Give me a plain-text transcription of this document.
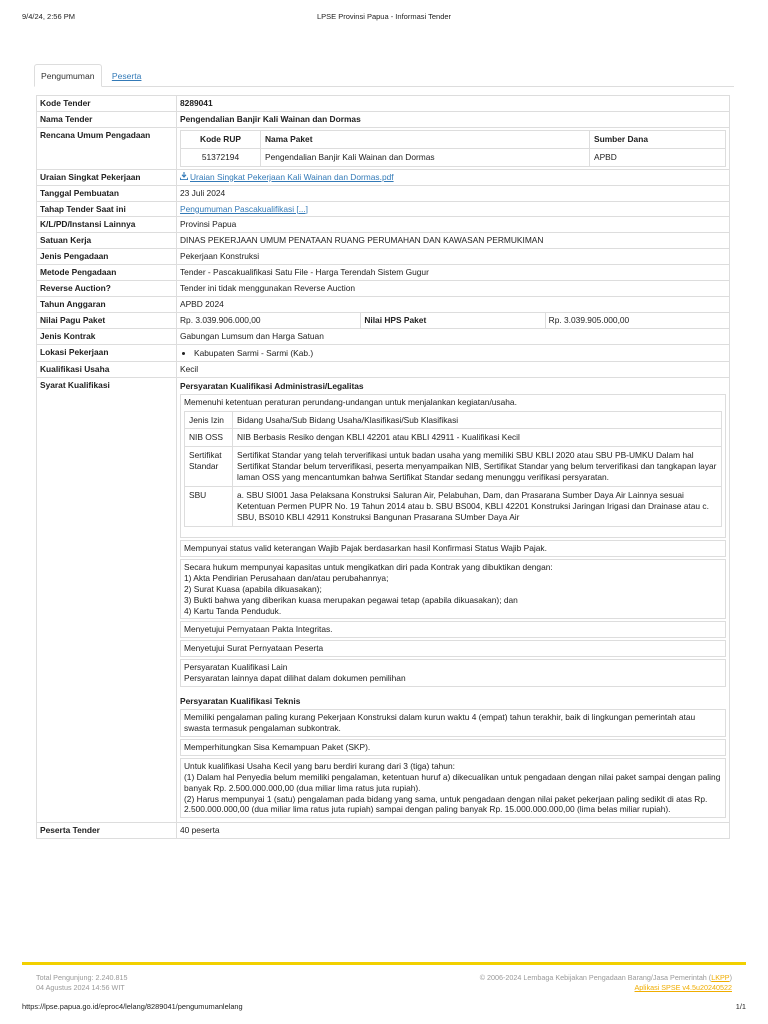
9/4/24, 2:56 PM	LPSE Provinsi Papua - Informasi Tender
Pengumuman Peserta
Kode Tender	8289041
Nama Tender	Pengendalian Banjir Kali Wainan dan Dormas
Rencana Umum Pengadaan		Kode RUP	Nama Paket	Sumber Dana
51372194	Pengendalian Banjir Kali Wainan dan Dormas	APBD

Uraian Singkat Pekerjaan	Uraian Singkat Pekerjaan Kali Wainan dan Dormas.pdf
Tanggal Pembuatan	23 Juli 2024
Tahap Tender Saat ini	Pengumuman Pascakualifikasi [...]
K/L/PD/Instansi Lainnya	Provinsi Papua
Satuan Kerja	DINAS PEKERJAAN UMUM PENATAAN RUANG PERUMAHAN DAN KAWASAN PERMUKIMAN
Jenis Pengadaan	Pekerjaan Konstruksi
Metode Pengadaan	Tender - Pascakualifikasi Satu File - Harga Terendah Sistem Gugur
Reverse Auction?	Tender ini tidak menggunakan Reverse Auction
Tahun Anggaran	APBD 2024
Nilai Pagu Paket	Rp. 3.039.906.000,00	Nilai HPS Paket	Rp. 3.039.905.000,00
Jenis Kontrak	Gabungan Lumsum dan Harga Satuan
Lokasi Pekerjaan	
•Kabupaten Sarmi - Sarmi (Kab.)

Kualifikasi Usaha	Kecil
Syarat Kualifikasi	Persyaratan Kualifikasi Administrasi/Legalitas
Memenuhi ketentuan peraturan perundang-undangan untuk menjalankan kegiatan/usaha.
Jenis Izin	Bidang Usaha/Sub Bidang Usaha/Klasifikasi/Sub Klasifikasi
NIB OSS	NIB Berbasis Resiko dengan KBLI 42201 atau KBLI 42911 - Kualifikasi Kecil
Sertifikat Standar	Sertifikat Standar yang telah terverifikasi untuk badan usaha yang memiliki SBU KBLI 2020 atau SBU PB-UMKU Dalam hal Sertifikat Standar belum terverifikasi, peserta menyampaikan NIB, Sertifikat Standar yang belum terverifikasi dan tangkapan layar laman OSS yang mencantumkan bahwa Sertifikat Standar sedang menunggu verifikasi persyaratan.
SBU	a. SBU SI001 Jasa Pelaksana Konstruksi Saluran Air, Pelabuhan, Dam, dan Prasarana Sumber Daya Air Lainnya sesuai Ketentuan Permen PUPR No. 19 Tahun 2014 atau b. SBU BS004, KBLI 42201 Konstruksi Jaringan Irigasi dan Drainase atau c. SBU, BS010 KBLI 42911 Konstruksi Bangunan Prasarana SUmber Daya Air
Mempunyai status valid keterangan Wajib Pajak berdasarkan hasil Konfirmasi Status Wajib Pajak.
Secara hukum mempunyai kapasitas untuk mengikatkan diri pada Kontrak yang dibuktikan dengan:
1) Akta Pendirian Perusahaan dan/atau perubahannya;
2) Surat Kuasa (apabila dikuasakan);
3) Bukti bahwa yang diberikan kuasa merupakan pegawai tetap (apabila dikuasakan); dan
4) Kartu Tanda Penduduk.
Menyetujui Pernyataan Pakta Integritas.
Menyetujui Surat Pernyataan Peserta
Persyaratan Kualifikasi Lain
Persyaratan lainnya dapat dilihat dalam dokumen pemilihan
Persyaratan Kualifikasi Teknis
Memiliki pengalaman paling kurang Pekerjaan Konstruksi dalam kurun waktu 4 (empat) tahun terakhir, baik di lingkungan pemerintah atau swasta termasuk pengalaman subkontrak.
Memperhitungkan Sisa Kemampuan Paket (SKP).
Untuk kualifikasi Usaha Kecil yang baru berdiri kurang dari 3 (tiga) tahun:
(1) Dalam hal Penyedia belum memiliki pengalaman, ketentuan huruf a) dikecualikan untuk pengadaan dengan nilai paket sampai dengan paling banyak Rp. 2.500.000.000,00 (dua miliar lima ratus juta rupiah).
(2) Harus mempunyai 1 (satu) pengalaman pada bidang yang sama, untuk pengadaan dengan nilai paket pekerjaan paling sedikit di atas Rp. 2.500.000.000,00 (dua miliar lima ratus juta rupiah) sampai dengan paling banyak Rp. 15.000.000.000,00 (lima belas miliar rupiah).

Peserta Tender	40 peserta
Total Pengunjung: 2.240.815
04 Agustus 2024 14:56 WIT
© 2006-2024 Lembaga Kebijakan Pengadaan Barang/Jasa Pemerintah (LKPP)
Aplikasi SPSE v4.5u20240522
https://lpse.papua.go.id/eproc4/lelang/8289041/pengumumanlelang	1/1
